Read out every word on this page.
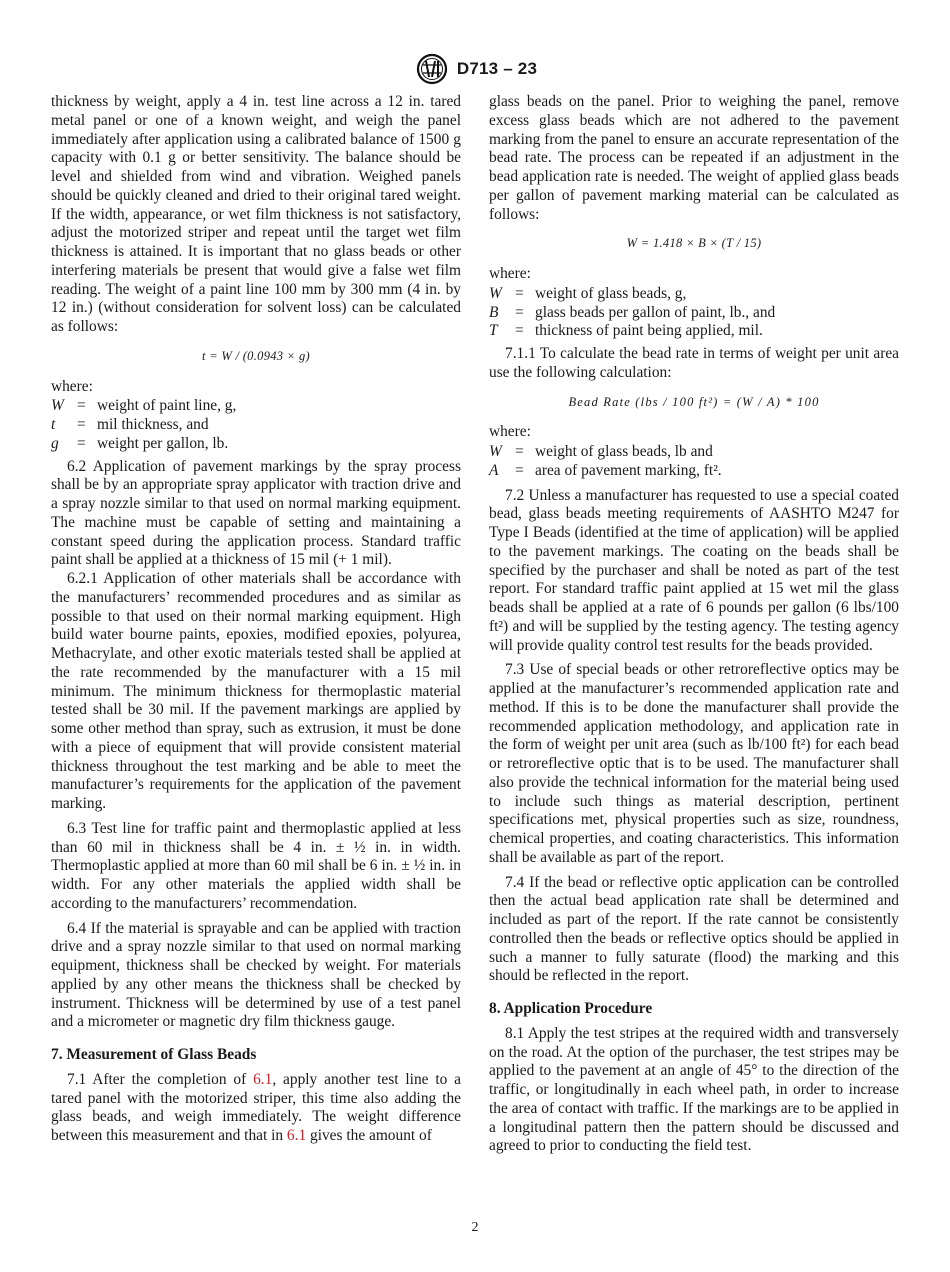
D713 – 23

thickness by weight, apply a 4 in. test line across a 12 in. tared metal panel or one of a known weight, and weigh the panel immediately after application using a calibrated balance of 1500 g capacity with 0.1 g or better sensitivity. The balance should be level and shielded from wind and vibration. Weighed panels should be quickly cleaned and dried to their original tared weight. If the width, appearance, or wet film thickness is not satisfactory, adjust the motorized striper and repeat until the target wet film thickness is attained. It is important that no glass beads or other interfering materials be present that would give a false wet film reading. The weight of a paint line 100 mm by 300 mm (4 in. by 12 in.) (without consideration for solvent loss) can be calculated as follows:

t = W / (0.0943 × g)

where:

W = weight of paint line, g,
t	= mil thickness, and
g	= weight per gallon, lb.

6.2 Application of pavement markings by the spray process shall be by an appropriate spray applicator with traction drive and a spray nozzle similar to that used on normal marking equipment. The machine must be capable of setting and maintaining a constant speed during the application process. Standard traffic paint shall be applied at a thickness of 15 mil (+ 1 mil).

6.2.1 Application of other materials shall be accordance with the manufacturers’ recommended procedures and as similar as possible to that used on their normal marking equipment. High build water bourne paints, epoxies, modified epoxies, polyurea, Methacrylate, and other exotic materials tested shall be applied at the rate recommended by the manufacturer with a 15 mil minimum. The minimum thickness for thermoplastic material tested shall be 30 mil. If the pavement markings are applied by some other method than spray, such as extrusion, it must be done with a piece of equipment that will provide consistent material thickness throughout the test marking and be able to meet the manufacturer’s requirements for the application of the pavement marking.

6.3 Test line for traffic paint and thermoplastic applied at less than 60 mil in thickness shall be 4 in. ± ½ in. in width. Thermoplastic applied at more than 60 mil shall be 6 in. ± ½ in. in width. For any other materials the applied width shall be according to the manufacturers’ recommendation.

6.4 If the material is sprayable and can be applied with traction drive and a spray nozzle similar to that used on normal marking equipment, thickness shall be checked by weight. For materials applied by any other means the thickness shall be checked by instrument. Thickness will be determined by use of a test panel and a micrometer or magnetic dry film thickness gauge.

7. Measurement of Glass Beads

7.1 After the completion of 6.1, apply another test line to a tared panel with the motorized striper, this time also adding the glass beads, and weigh immediately. The weight difference between this measurement and that in 6.1 gives the amount of

glass beads on the panel. Prior to weighing the panel, remove excess glass beads which are not adhered to the pavement marking from the panel to ensure an accurate representation of the bead rate. The process can be repeated if an adjustment in the bead application rate is needed. The weight of applied glass beads per gallon of pavement marking material can be calculated as follows:

W = 1.418 × B × (T / 15)

where:

W = weight of glass beads, g,
B	= glass beads per gallon of paint, lb., and
T	= thickness of paint being applied, mil.

7.1.1 To calculate the bead rate in terms of weight per unit area use the following calculation:

Bead Rate (lbs / 100 ft²) = (W / A) * 100

where:

W = weight of glass beads, lb and
A	= area of pavement marking, ft².

7.2 Unless a manufacturer has requested to use a special coated bead, glass beads meeting requirements of AASHTO M247 for Type I Beads (identified at the time of application) will be applied to the pavement markings. The coating on the beads shall be specified by the purchaser and shall be noted as part of the test report. For standard traffic paint applied at 15 wet mil the glass beads shall be applied at a rate of 6 pounds per gallon (6 lbs/100 ft²) and will be supplied by the testing agency. The testing agency will provide quality control test results for the beads provided.

7.3 Use of special beads or other retroreflective optics may be applied at the manufacturer’s recommended application rate and method. If this is to be done the manufacturer shall provide the recommended application methodology, and application rate in the form of weight per unit area (such as lb/100 ft²) for each bead or retroreflective optic that is to be used. The manufacturer shall also provide the technical information for the material being used to include such things as material description, pertinent specifications met, physical properties such as size, roundness, chemical properties, and coating characteristics. This information shall be available as part of the report.

7.4 If the bead or reflective optic application can be controlled then the actual bead application rate shall be determined and included as part of the report. If the rate cannot be consistently controlled then the beads or reflective optics should be applied in such a manner to fully saturate (flood) the marking and this should be reflected in the report.

8. Application Procedure

8.1 Apply the test stripes at the required width and transversely on the road. At the option of the purchaser, the test stripes may be applied to the pavement at an angle of 45° to the direction of the traffic, or longitudinally in each wheel path, in order to increase the area of contact with traffic. If the markings are to be applied in a longitudinal pattern then the pattern should be discussed and agreed to prior to conducting the field test.

2
